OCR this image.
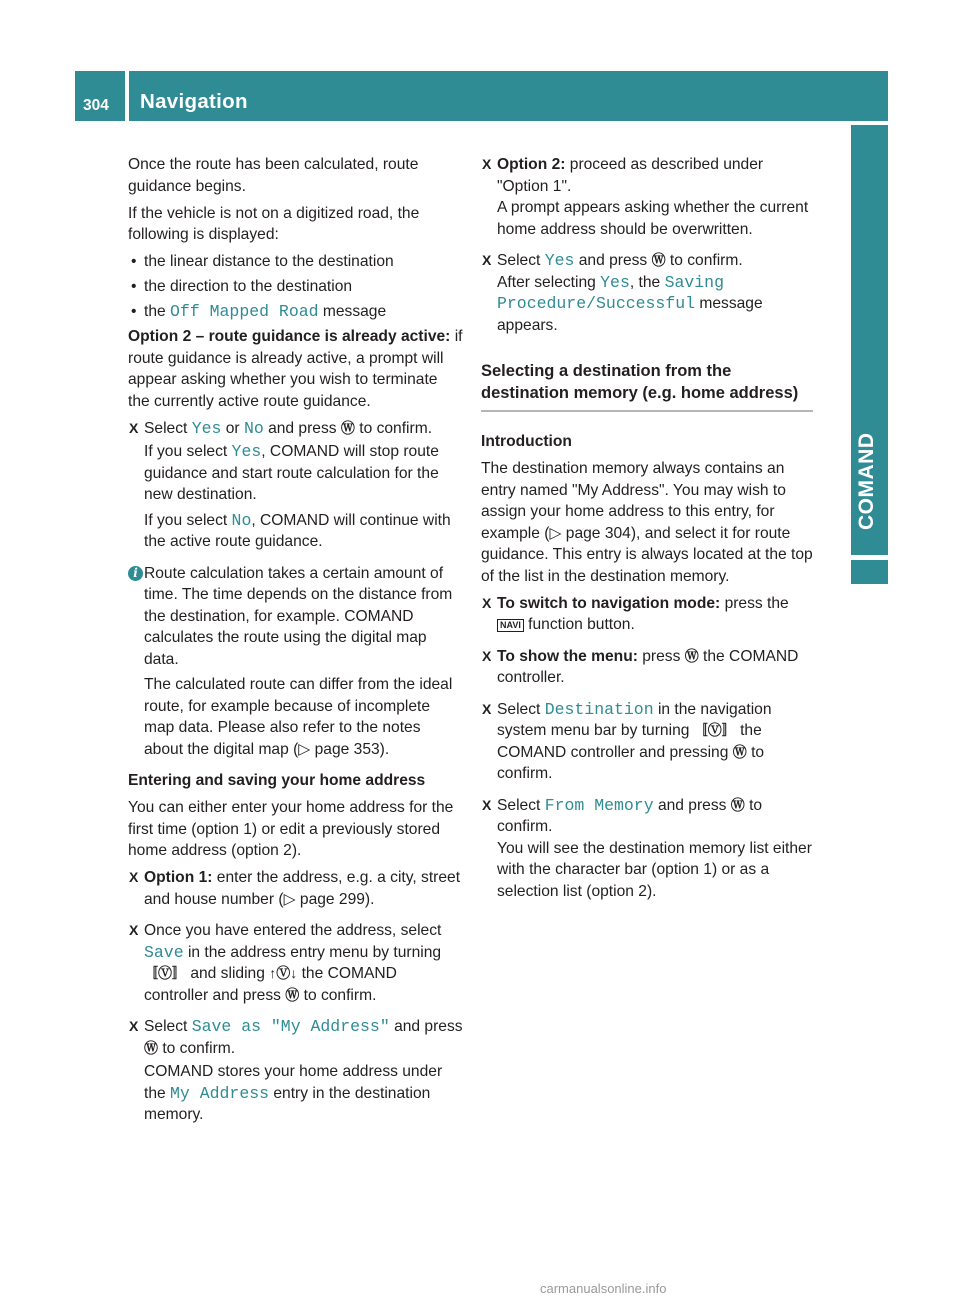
304 Navigation
COMAND

Once the route has been calculated, route guidance begins.

If the vehicle is not on a digitized road, the following is displayed:

• the linear distance to the destination
• the direction to the destination
• the Off Mapped Road message

Option 2 – route guidance is already active: if route guidance is already active, a prompt will appear asking whether you wish to terminate the currently active route guidance.

X Select Yes or No and press Ⓦ to confirm.

If you select Yes, COMAND will stop route guidance and start route calculation for the new destination.

If you select No, COMAND will continue with the active route guidance.

i Route calculation takes a certain amount of time. The time depends on the distance from the destination, for example. COMAND calculates the route using the digital map data.

The calculated route can differ from the ideal route, for example because of incomplete map data. Please also refer to the notes about the digital map (▷ page 353).

Entering and saving your home address

You can either enter your home address for the first time (option 1) or edit a previously stored home address (option 2).

X Option 1: enter the address, e.g. a city, street and house number (▷ page 299).

X Once you have entered the address, select Save in the address entry menu by turning 〚Ⓥ〛 and sliding ↑Ⓥ↓ the COMAND controller and press Ⓦ to confirm.

X Select Save as "My Address" and press Ⓦ to confirm.

COMAND stores your home address under the My Address entry in the destination memory.

X Option 2: proceed as described under "Option 1".

A prompt appears asking whether the current home address should be overwritten.

X Select Yes and press Ⓦ to confirm.

After selecting Yes, the Saving Procedure/Successful message appears.

Selecting a destination from the destination memory (e.g. home address)

Introduction

The destination memory always contains an entry named "My Address". You may wish to assign your home address to this entry, for example (▷ page 304), and select it for route guidance. This entry is always located at the top of the list in the destination memory.

X To switch to navigation mode: press the NAVI function button.

X To show the menu: press Ⓦ the COMAND controller.

X Select Destination in the navigation system menu bar by turning 〚Ⓥ〛 the COMAND controller and pressing Ⓦ to confirm.

X Select From Memory and press Ⓦ to confirm.

You will see the destination memory list either with the character bar (option 1) or as a selection list (option 2).

carmanualsonline.info
